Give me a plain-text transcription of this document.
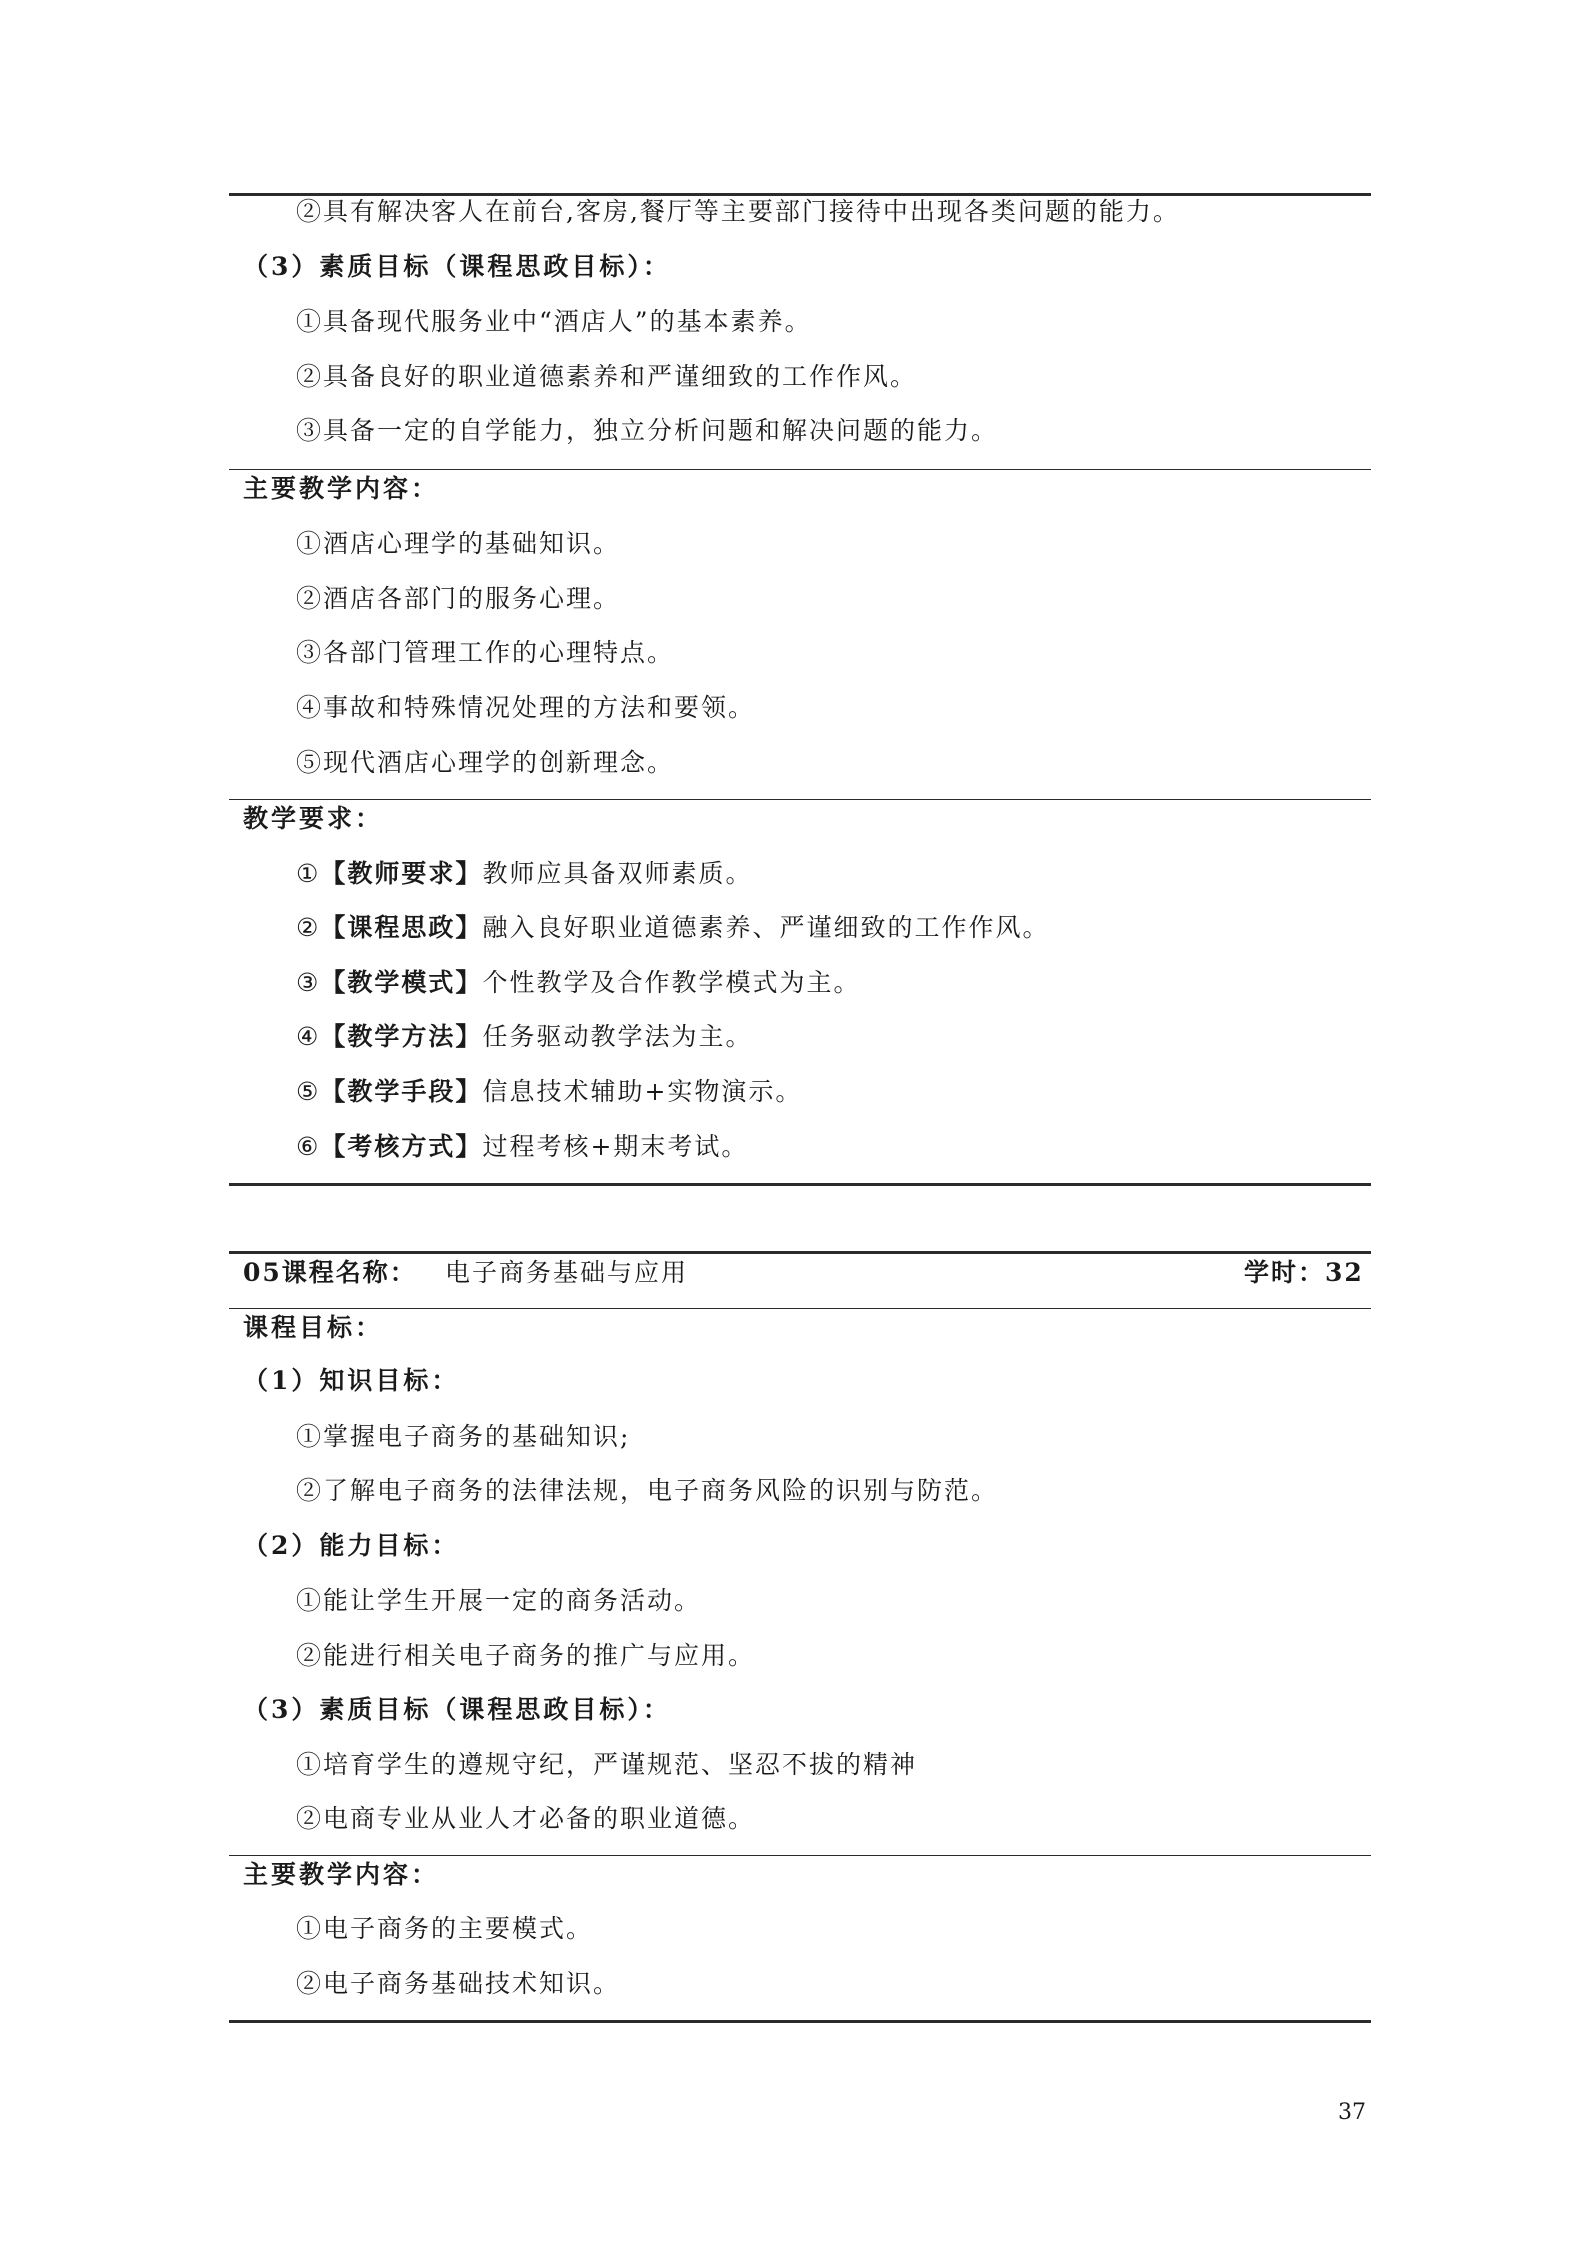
②具有解决客人在前台,客房,餐厅等主要部门接待中出现各类问题的能力。
（3）素质目标（课程思政目标）：
①具备现代服务业中“酒店人”的基本素养。
②具备良好的职业道德素养和严谨细致的工作作风。
③具备一定的自学能力，独立分析问题和解决问题的能力。
主要教学内容：
①酒店心理学的基础知识。
②酒店各部门的服务心理。
③各部门管理工作的心理特点。
④事故和特殊情况处理的方法和要领。
⑤现代酒店心理学的创新理念。
教学要求：
①【教师要求】教师应具备双师素质。
②【课程思政】融入良好职业道德素养、严谨细致的工作作风。
③【教学模式】个性教学及合作教学模式为主。
④【教学方法】任务驱动教学法为主。
⑤【教学手段】信息技术辅助+实物演示。
⑥【考核方式】过程考核+期末考试。
05课程名称： 电子商务基础与应用	学时：32
课程目标：
（1）知识目标：
①掌握电子商务的基础知识;
②了解电子商务的法律法规，电子商务风险的识别与防范。
（2）能力目标：
①能让学生开展一定的商务活动。
②能进行相关电子商务的推广与应用。
（3）素质目标（课程思政目标）：
①培育学生的遵规守纪，严谨规范、坚忍不拔的精神
②电商专业从业人才必备的职业道德。
主要教学内容：
①电子商务的主要模式。
②电子商务基础技术知识。
37
